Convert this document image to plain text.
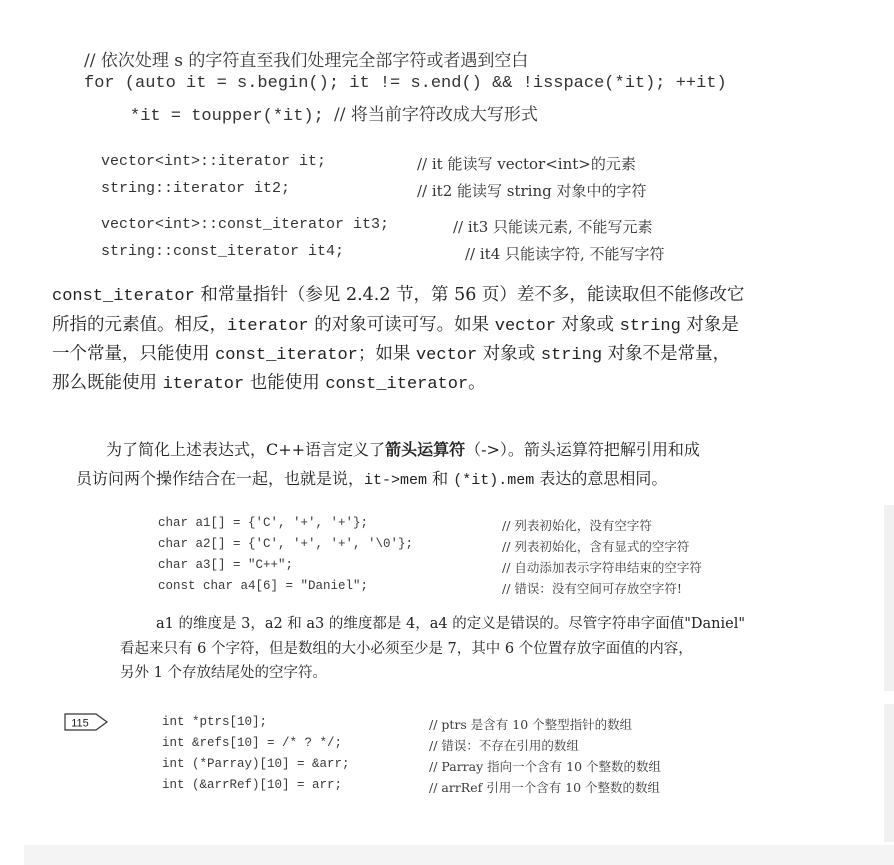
// 依次处理 s 的字符直至我们处理完全部字符或者遇到空白
for (auto it = s.begin(); it != s.end() && !isspace(*it); ++it)
*it = toupper(*it); // 将当前字符改成大写形式
vector<int>::iterator it;	// it 能读写 vector<int>的元素
string::iterator it2;	// it2 能读写 string 对象中的字符
vector<int>::const_iterator it3;	// it3 只能读元素, 不能写元素
string::const_iterator it4;	// it4 只能读字符, 不能写字符
const_iterator 和常量指针（参见 2.4.2 节，第 56 页）差不多，能读取但不能修改它
所指的元素值。相反，iterator 的对象可读可写。如果 vector 对象或 string 对象是
一个常量，只能使用 const_iterator；如果 vector 对象或 string 对象不是常量，
那么既能使用 iterator 也能使用 const_iterator。
为了简化上述表达式，C++语言定义了箭头运算符（->）。箭头运算符把解引用和成
员访问两个操作结合在一起，也就是说，it->mem 和 (*it).mem 表达的意思相同。
char a1[] = {'C', '+', '+'};	// 列表初始化，没有空字符
char a2[] = {'C', '+', '+', '\0'};	// 列表初始化，含有显式的空字符
char a3[] = "C++";	// 自动添加表示字符串结束的空字符
const char a4[6] = "Daniel";	// 错误：没有空间可存放空字符!
a1 的维度是 3，a2 和 a3 的维度都是 4，a4 的定义是错误的。尽管字符串字面值"Daniel"
看起来只有 6 个字符，但是数组的大小必须至少是 7，其中 6 个位置存放字面值的内容，
另外 1 个存放结尾处的空字符。
115	int *ptrs[10];	// ptrs 是含有 10 个整型指针的数组
int &refs[10] = /* ? */;	// 错误：不存在引用的数组
int (*Parray)[10] = &arr;	// Parray 指向一个含有 10 个整数的数组
int (&arrRef)[10] = arr;	// arrRef 引用一个含有 10 个整数的数组
